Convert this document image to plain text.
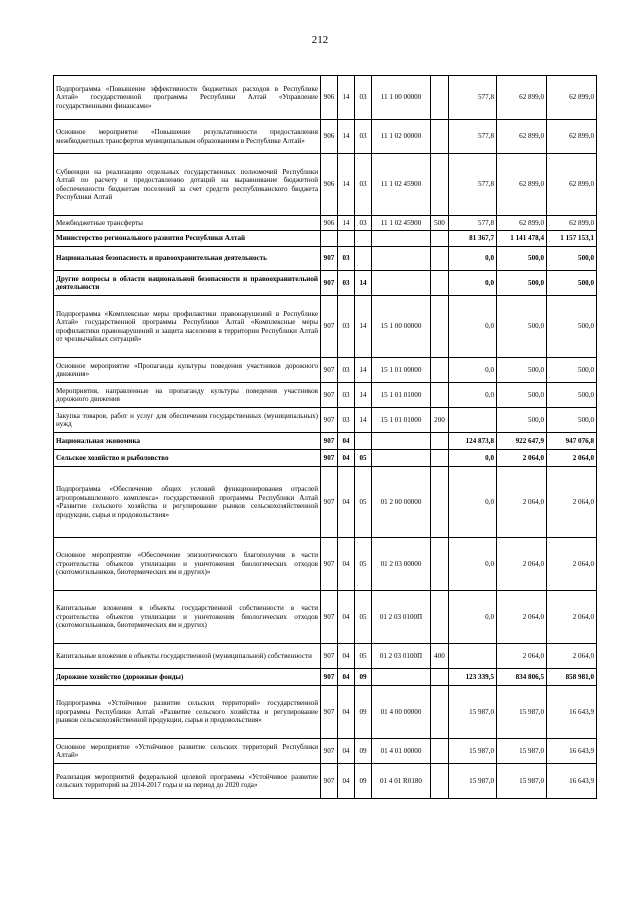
212
Подпрограмма «Повышение эффективности бюджетных расходов в Республике Алтай» государственной программы Республики Алтай «Управление государственными финансами»	906	14	03	11 1 00 00000		577,8	62 899,0	62 899,0
Основное мероприятие «Повышение результативности предоставления межбюджетных трансфертов муниципальным образованиям в Республике Алтай»	906	14	03	11 1 02 00000		577,8	62 899,0	62 899,0
Субвенции на реализацию отдельных государственных полномочий Республики Алтай по расчету и предоставлению дотаций на выравнивание бюджетной обеспеченности бюджетам поселений за счет средств республиканского бюджета Республики Алтай	906	14	03	11 1 02 45900		577,8	62 899,0	62 899,0
Межбюджетные трансферты	906	14	03	11 1 02 45900	500	577,8	62 899,0	62 899,0
Министерство регионального развития Республики Алтай						81 367,7	1 141 478,4	1 157 153,1
Национальная безопасность и правоохранительная деятельность	907	03				0,0	500,0	500,0
Другие вопросы в области национальной безопасности и правоохранительной деятельности	907	03	14			0,0	500,0	500,0
Подпрограмма «Комплексные меры профилактики правонарушений в Республике Алтай» государственной программы Республики Алтай «Комплексные меры профилактики правонарушений и защита населения в территории Республики Алтай от чрезвычайных ситуаций»	907	03	14	15 1 00 00000		0,0	500,0	500,0
Основное мероприятие «Пропаганда культуры поведения участников дорожного движения»	907	03	14	15 1 01 00000		0,0	500,0	500,0
Мероприятия, направленные на пропаганду культуры поведения участников дорожного движения	907	03	14	15 1 01 01000		0,0	500,0	500,0
Закупка товаров, работ и услуг для обеспечения государственных (муниципальных) нужд	907	03	14	15 1 01 01000	200		500,0	500,0
Национальная экономика	907	04				124 873,8	922 647,9	947 076,8
Сельское хозяйство и рыболовство	907	04	05			0,0	2 064,0	2 064,0
Подпрограмма «Обеспечение общих условий функционирования отраслей агропромышленного комплекса» государственной программы Республики Алтай «Развитие сельского хозяйства и регулирование рынков сельскохозяйственной продукции, сырья и продовольствия»	907	04	05	01 2 00 00000		0,0	2 064,0	2 064,0
Основное мероприятие «Обеспечение эпизоотического благополучия в части строительства объектов утилизации и уничтожения биологических отходов (скотомогильников, биотермических ям и других)»	907	04	05	01 2 03 00000		0,0	2 064,0	2 064,0
Капитальные вложения в объекты государственной собственности в части строительства объектов утилизации и уничтожения биологических отходов (скотомогильников, биотермических ям и других)	907	04	05	01 2 03 0100П		0,0	2 064,0	2 064,0
Капитальные вложения в объекты государственной (муниципальной) собственности	907	04	05	01 2 03 0100П	400		2 064,0	2 064,0
Дорожное хозяйство (дорожные фонды)	907	04	09			123 339,5	834 806,5	858 981,0
Подпрограмма «Устойчивое развитие сельских территорий» государственной программы Республики Алтай «Развитие сельского хозяйства и регулирование рынков сельскохозяйственной продукции, сырья и продовольствия»	907	04	09	01 4 00 00000		15 987,0	15 987,0	16 643,9
Основное мероприятие «Устойчивое развитие сельских территорий Республики Алтай»	907	04	09	01 4 01 00000		15 987,0	15 987,0	16 643,9
Реализация мероприятий федеральной целевой программы «Устойчивое развитие сельских территорий на 2014-2017 годы и на период до 2020 года»	907	04	09	01 4 01 R0180		15 987,0	15 987,0	16 643,9
